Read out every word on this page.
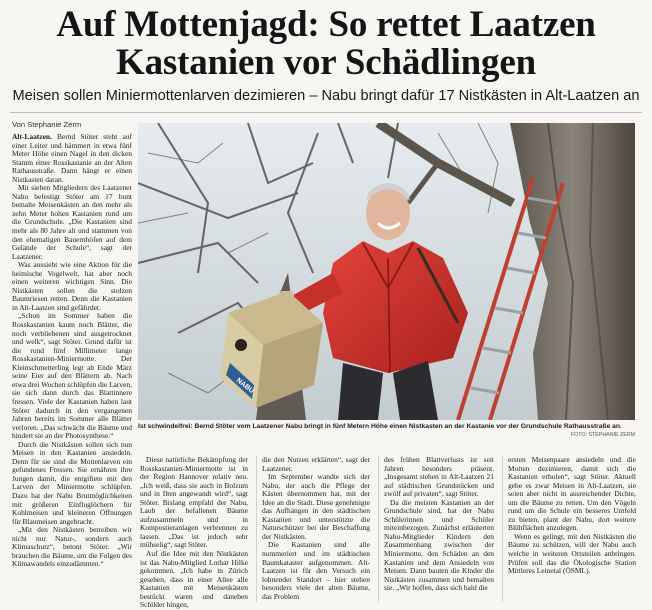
Auf Mottenjagd: So rettet Laatzen
Kastanien vor Schädlingen
Meisen sollen Miniermottenlarven dezimieren – Nabu bringt dafür 17 Nistkästen in Alt-Laatzen an
Von Stephanie Zerm

Alt-Laatzen. Bernd Stöter steht auf einer Leiter und hämmert in etwa fünf Meter Höhe einen Nagel in den dicken Stamm einer Rosskastanie an der Alten Rathausstraße. Dann hängt er einen Nistkasten daran.

Mit sieben Mitgliedern des Laatzener Nabu befestigt Stöter am 17 bunt bemalte Meisenkästen an den mehr als zehn Meter hohen Kastanien rund um die Grundschule. „Die Kastanien sind mehr als 80 Jahre alt und stammen von den ehemaligen Bauernhöfen auf dem Gelände der Schule“, sagt der Laatzener.

Was aussieht wie eine Aktion für die heimische Vogelwelt, hat aber noch einen weiteren wichtigen Sinn. Die Nistkästen sollen die stolzen Baumriesen retten. Denn die Kastanien in Alt-Laatzen sind gefährdet.

„Schon im Sommer haben die Rosskastanien kaum noch Blätter, die noch verbliebenen sind ausgetrocknet und welk“, sagt Stöter. Grund dafür ist die rund fünf Millimeter lange Rosskastanien-Miniermotte. Der Kleinschmetterling legt ab Ende März seine Eier auf den Blättern ab. Nach etwa drei Wochen schlüpfen die Larven, sie sich dann durch das Blattinnere fressen. Viele der Kastanien haben laut Stöter dadurch in den vergangenen Jahren bereits im Sommer alle Blätter verloren. „Das schwächt die Bäume und hindert sie an der Photosynthese.“

Durch die Nistkästen sollen sich nun Meisen in den Kastanien ansiedeln. Denn für sie sind die Mottenlarven ein gefundenes Fressen. Sie ernähren ihre Jungen damit, die entgiftete mit den Larven der Miniermotte schlüpfen. Dazu hat der Nabu Brutmöglichkeiten mit größeren Einfluglöchern für Kohlmeisen und kleineren Öffnungen für Blaumeisen angebracht.

„Mit den Nistkästen betreiben wir nicht nur Natur-, sondern auch Klimaschutz“, betont Stöter. „Wir brauchen die Bäume, um die Folgen des Klimawandels einzudämmen.“

NABU
Ist schwindelfrei: Bernd Stöter vom Laatzener Nabu bringt in fünf Metern Höhe einen Nistkasten an der Kastanie vor der Grundschule Rathausstraße an.
FOTO: STEPHANIE ZERM

Diese natürliche Bekämpfung der Rosskastanien-Miniermotte ist in der Region Hannover relativ neu. „Ich weiß, dass sie auch in Bolzum und in Ilten angewandt wird“, sagt Stöter. Bislang empfahl der Nabu, Laub der befallenen Bäume aufzusammeln und in Kompostieranlagen verbrennen zu lassen. „Das ist jedoch sehr mühselig“, sagt Stöter.

Auf die Idee mit den Nistkästen ist das Nabu-Mitglied Lothar Hilke gekommen. „Ich habe in Zürich gesehen, dass in einer Allee alle Kastanien mit Meisenkästen bestückt waren und daneben Schilder hingen,

die den Nutzen erklärten“, sagt der Laatzener.

Im September wandte sich der Nabu, der auch die Pflege der Kästen übernommen hat, mit der Idee an die Stadt. Diese genehmigte das Aufhängen in den städtischen Kastanien und unterstützte die Naturschützer bei der Beschaffung der Nistkästen.

Die Kastanien sind alle nummeriert und im städtischen Baumkataster aufgenommen. Alt-Laatzen ist für den Versuch ein lohnender Standort – hier stehen besonders viele der alten Bäume, das Problem

des frühen Blattverlusts ist seit Jahren besonders präsent. „Insgesamt stehen in Alt-Laatzen 21 auf städtischen Grundstücken und zwölf auf privaten“, sagt Stöter.

Da die meisten Kastanien an der Grundschule sind, hat der Nabu Schülerinnen und Schüler miteinbezogen. Zunächst erläuterten Nabu-Mitglieder Kindern den Zusammenhang zwischen der Miniermotte, den Schäden an den Kastanien und dem Ansiedeln von Meisen. Dann bauten die Kinder die Nistkästen zusammen und bemalten sie. „Wir hoffen, dass sich bald die

ersten Meisenpaare ansiedeln und die Motten dezimieren, damit sich die Kastanien erholen“, sagt Stöter. Aktuell gebe es zwar Meisen in Alt-Laatzen, sie seien aber nicht in ausreichender Dichte, um die Bäume zu retten. Um den Vögeln rund um die Schule ein besseres Umfeld zu bieten, plant der Nabu, dort weitere Blühflächen anzulegen.

Wenn es gelingt, mit den Nistkästen die Bäume zu schützen, will der Nabu auch welche in weiteren Ortsteilen anbringen. Prüfen soll das die Ökologische Station Mittleres Leinetal (ÖSML).
